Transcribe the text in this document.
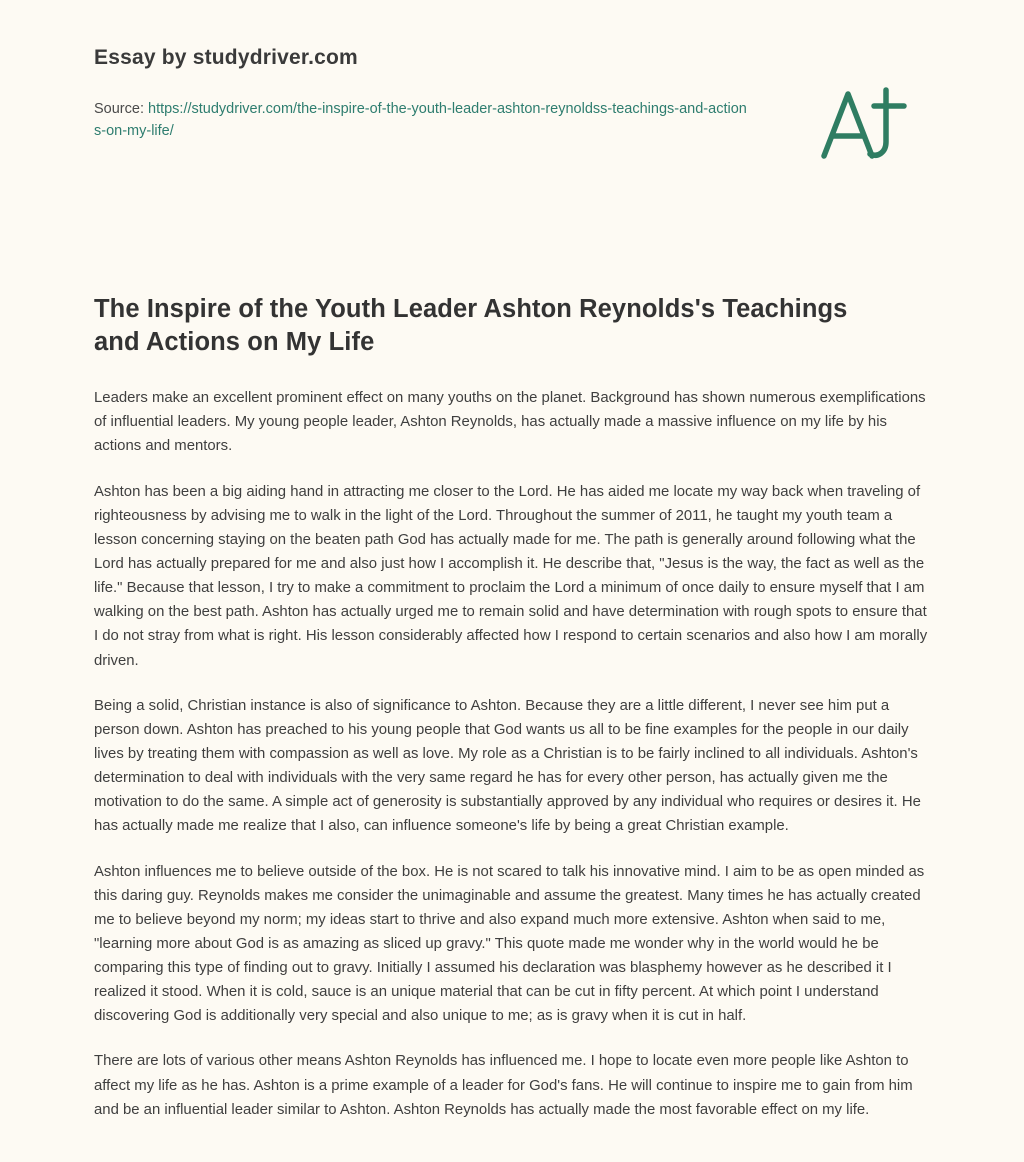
Essay by studydriver.com
Source: https://studydriver.com/the-inspire-of-the-youth-leader-ashton-reynoldss-teachings-and-actions-on-my-life/
The Inspire of the Youth Leader Ashton Reynolds's Teachings and Actions on My Life

Leaders make an excellent prominent effect on many youths on the planet. Background has shown numerous exemplifications of influential leaders. My young people leader, Ashton Reynolds, has actually made a massive influence on my life by his actions and mentors.

Ashton has been a big aiding hand in attracting me closer to the Lord. He has aided me locate my way back when traveling of righteousness by advising me to walk in the light of the Lord. Throughout the summer of 2011, he taught my youth team a lesson concerning staying on the beaten path God has actually made for me. The path is generally around following what the Lord has actually prepared for me and also just how I accomplish it. He describe that, "Jesus is the way, the fact as well as the life." Because that lesson, I try to make a commitment to proclaim the Lord a minimum of once daily to ensure myself that I am walking on the best path. Ashton has actually urged me to remain solid and have determination with rough spots to ensure that I do not stray from what is right. His lesson considerably affected how I respond to certain scenarios and also how I am morally driven.

Being a solid, Christian instance is also of significance to Ashton. Because they are a little different, I never see him put a person down. Ashton has preached to his young people that God wants us all to be fine examples for the people in our daily lives by treating them with compassion as well as love. My role as a Christian is to be fairly inclined to all individuals. Ashton's determination to deal with individuals with the very same regard he has for every other person, has actually given me the motivation to do the same. A simple act of generosity is substantially approved by any individual who requires or desires it. He has actually made me realize that I also, can influence someone's life by being a great Christian example.

Ashton influences me to believe outside of the box. He is not scared to talk his innovative mind. I aim to be as open minded as this daring guy. Reynolds makes me consider the unimaginable and assume the greatest. Many times he has actually created me to believe beyond my norm; my ideas start to thrive and also expand much more extensive. Ashton when said to me, "learning more about God is as amazing as sliced up gravy." This quote made me wonder why in the world would he be comparing this type of finding out to gravy. Initially I assumed his declaration was blasphemy however as he described it I realized it stood. When it is cold, sauce is an unique material that can be cut in fifty percent. At which point I understand discovering God is additionally very special and also unique to me; as is gravy when it is cut in half.

There are lots of various other means Ashton Reynolds has influenced me. I hope to locate even more people like Ashton to affect my life as he has. Ashton is a prime example of a leader for God's fans. He will continue to inspire me to gain from him and be an influential leader similar to Ashton. Ashton Reynolds has actually made the most favorable effect on my life.
